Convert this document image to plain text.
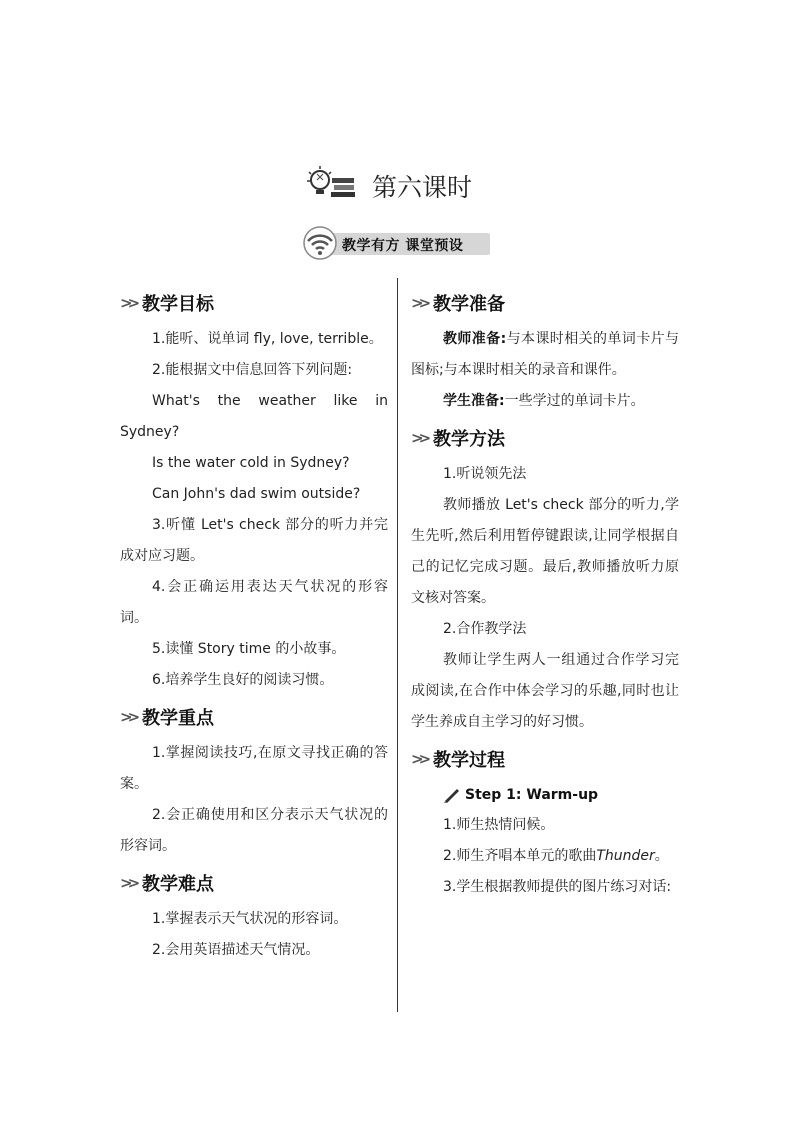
第六课时
教学有方 课堂预设
>> 教学目标

1.能听、说单词 fly, love, terrible。

2.能根据文中信息回答下列问题:

What's the weather like in Sydney?

Is the water cold in Sydney?

Can John's dad swim outside?

3.听懂 Let's check 部分的听力并完成对应习题。

4.会正确运用表达天气状况的形容词。

5.读懂 Story time 的小故事。

6.培养学生良好的阅读习惯。

>> 教学重点

1.掌握阅读技巧,在原文寻找正确的答案。

2.会正确使用和区分表示天气状况的形容词。

>> 教学难点

1.掌握表示天气状况的形容词。

2.会用英语描述天气情况。

>> 教学准备

教师准备:与本课时相关的单词卡片与图标;与本课时相关的录音和课件。

学生准备:一些学过的单词卡片。

>> 教学方法

1.听说领先法

教师播放 Let's check 部分的听力,学生先听,然后利用暂停键跟读,让同学根据自己的记忆完成习题。最后,教师播放听力原文核对答案。

2.合作教学法

教师让学生两人一组通过合作学习完成阅读,在合作中体会学习的乐趣,同时也让学生养成自主学习的好习惯。

>> 教学过程
Step 1: Warm-up

1.师生热情问候。

2.师生齐唱本单元的歌曲Thunder。

3.学生根据教师提供的图片练习对话:
